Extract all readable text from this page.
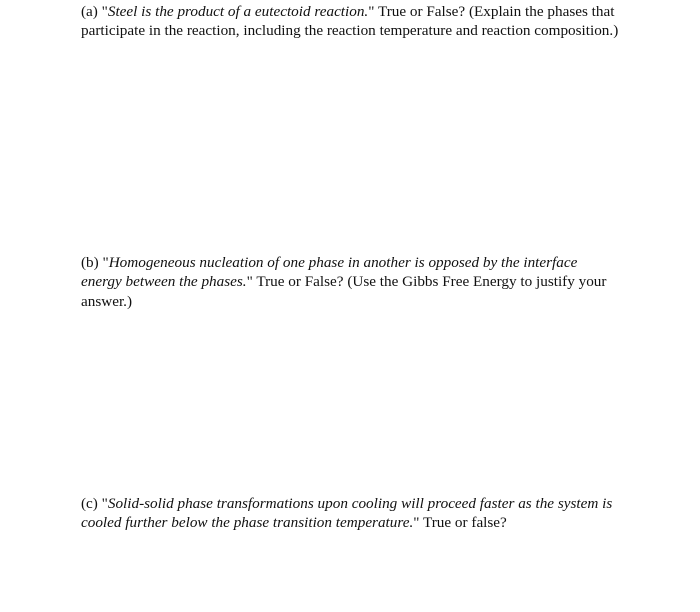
(a) "Steel is the product of a eutectoid reaction." True or False? (Explain the phases that participate in the reaction, including the reaction temperature and reaction composition.)

(b) "Homogeneous nucleation of one phase in another is opposed by the interface energy between the phases." True or False? (Use the Gibbs Free Energy to justify your answer.)

(c) "Solid-solid phase transformations upon cooling will proceed faster as the system is cooled further below the phase transition temperature." True or false?
